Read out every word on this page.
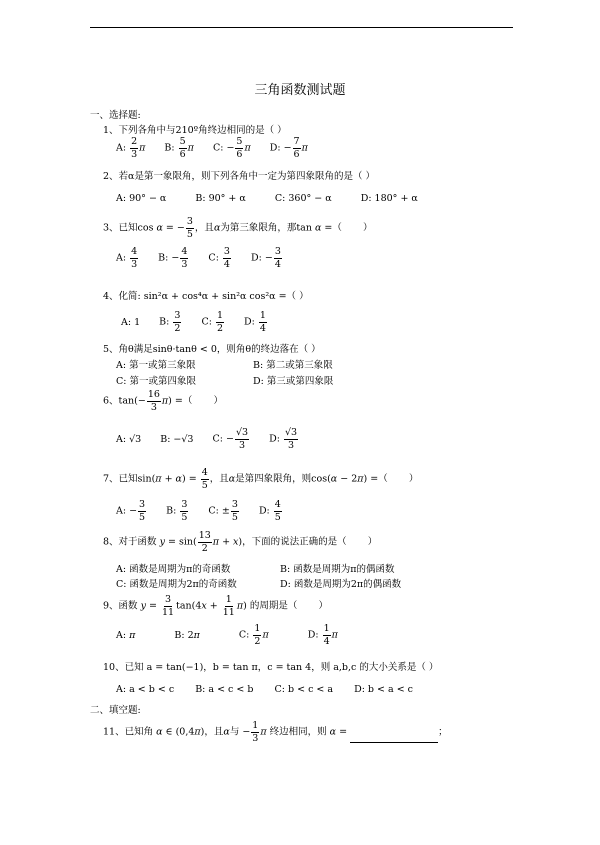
三角函数测试题
一、选择题:
1、下列各角中与210º角终边相同的是（ ）
A: $\frac{2}{3}$ π B: $\frac{5}{6}$ π C: − $\frac{5}{6}$ π D: − $\frac{7}{6}$ π
2、若α是第一象限角，则下列各角中一定为第四象限角的是（ ）
A: 90° − α	B: 90° + α	C: 360° − α	D: 180° + α
3、已知cos α = − $\frac{3}{5}$ ，且α为第三象限角，那tan α =（       ）
A: $\frac{4}{3} B$: − $\frac{4}{3} C$: $\frac{3}{4} D$: − $\frac{3}{4}$
4、化简: sin²α + cos⁴α + sin²α cos²α =（ ）
A: 1 B: $\frac{3}{2} C$: $\frac{1}{2} D$: $\frac{1}{4}$
5、角θ满足sinθ·tanθ < 0，则角θ的终边落在（ ）
A: 第一或第三象限	B: 第二或第三象限
C: 第一或第四象限	D: 第三或第四象限
6、$\tan(- \frac{16}{3} \pi)$ =（       ）
A: √3 B: −√3 C: − $\frac{√3}{3} D$: $\frac{√3}{3}$
7、已知$\sin(\pi + \alpha) = \frac{4}{5}$ ，且α是第四象限角，则cos(α − 2π) =（       ）
A: − $\frac{3}{5} B$: $\frac{3}{5} C$: ± $\frac{3}{5} D$: $\frac{4}{5}$
8、对于函数 $y = \sin( \frac{13}{2}$ π + x)，下面的说法正确的是（       ）
A: 函数是周期为π的奇函数	B: 函数是周期为π的偶函数
C: 函数是周期为2π的奇函数	D: 函数是周期为2π的偶函数
9、函数 $y = \frac{3}{11} \tan(4x + \frac{1}{11} \pi)$ 的周期是（       ）
A: π	B: 2π	C: $\frac{1}{2}$ π	D: $\frac{1}{4}$ π
10、已知 a = tan(−1)，b = tan π，c = tan 4，则 a,b,c 的大小关系是（ ）
A: a < b < c B: a < c < b C: b < c < a D: b < a < c
二、填空题:
11、已知角 α ∈ (0,4π)，且α与 − $\frac{1}{3}$ π 终边相同，则 α =	；
